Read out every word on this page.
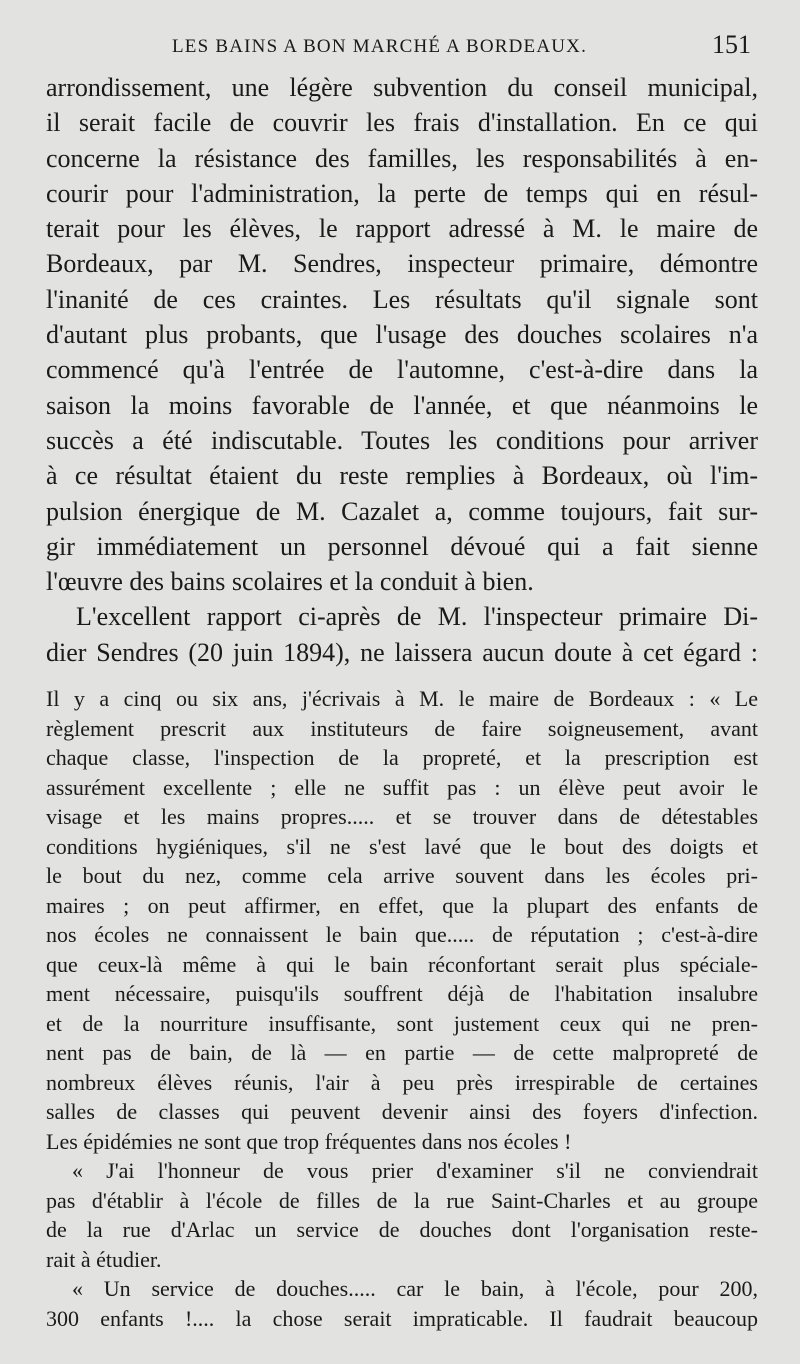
LES BAINS A BON MARCHÉ A BORDEAUX.	151
arrondissement, une légère subvention du conseil municipal,
il serait facile de couvrir les frais d'installation. En ce qui
concerne la résistance des familles, les responsabilités à en-
courir pour l'administration, la perte de temps qui en résul-
terait pour les élèves, le rapport adressé à M. le maire de
Bordeaux, par M. Sendres, inspecteur primaire, démontre
l'inanité de ces craintes. Les résultats qu'il signale sont
d'autant plus probants, que l'usage des douches scolaires n'a
commencé qu'à l'entrée de l'automne, c'est-à-dire dans la
saison la moins favorable de l'année, et que néanmoins le
succès a été indiscutable. Toutes les conditions pour arriver
à ce résultat étaient du reste remplies à Bordeaux, où l'im-
pulsion énergique de M. Cazalet a, comme toujours, fait sur-
gir immédiatement un personnel dévoué qui a fait sienne
l'œuvre des bains scolaires et la conduit à bien.
L'excellent rapport ci-après de M. l'inspecteur primaire Di-
dier Sendres (20 juin 1894), ne laissera aucun doute à cet égard :
Il y a cinq ou six ans, j'écrivais à M. le maire de Bordeaux : « Le
règlement prescrit aux instituteurs de faire soigneusement, avant
chaque classe, l'inspection de la propreté, et la prescription est
assurément excellente ; elle ne suffit pas : un élève peut avoir le
visage et les mains propres..... et se trouver dans de détestables
conditions hygiéniques, s'il ne s'est lavé que le bout des doigts et
le bout du nez, comme cela arrive souvent dans les écoles pri-
maires ; on peut affirmer, en effet, que la plupart des enfants de
nos écoles ne connaissent le bain que..... de réputation ; c'est-à-dire
que ceux-là même à qui le bain réconfortant serait plus spéciale-
ment nécessaire, puisqu'ils souffrent déjà de l'habitation insalubre
et de la nourriture insuffisante, sont justement ceux qui ne pren-
nent pas de bain, de là — en partie — de cette malpropreté de
nombreux élèves réunis, l'air à peu près irrespirable de certaines
salles de classes qui peuvent devenir ainsi des foyers d'infection.
Les épidémies ne sont que trop fréquentes dans nos écoles !
« J'ai l'honneur de vous prier d'examiner s'il ne conviendrait
pas d'établir à l'école de filles de la rue Saint-Charles et au groupe
de la rue d'Arlac un service de douches dont l'organisation reste-
rait à étudier.
« Un service de douches..... car le bain, à l'école, pour 200,
300 enfants !.... la chose serait impraticable. Il faudrait beaucoup
